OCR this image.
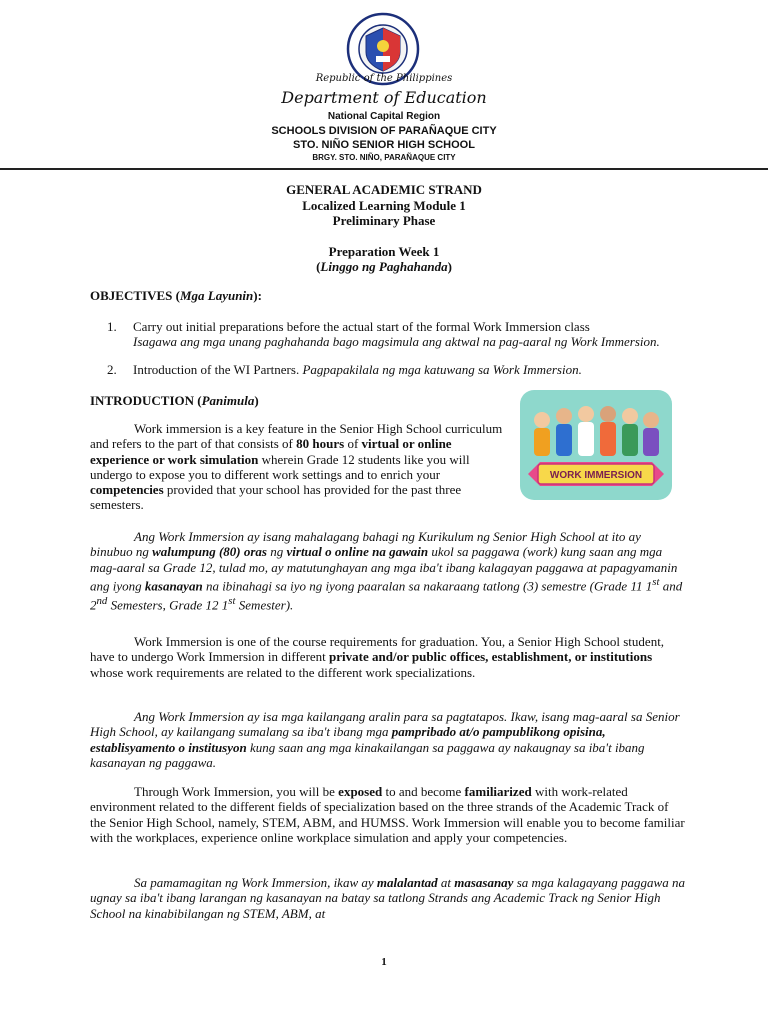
Republic of the Philippines
Department of Education
National Capital Region
SCHOOLS DIVISION OF PARAÑAQUE CITY
STO. NIÑO SENIOR HIGH SCHOOL
BRGY. STO. NIÑO, PARAÑAQUE CITY
GENERAL ACADEMIC STRAND
Localized Learning Module 1
Preliminary Phase
Preparation Week 1
(Linggo ng Paghahanda)
OBJECTIVES (Mga Layunin):
1. Carry out initial preparations before the actual start of the formal Work Immersion class
Isagawa ang mga unang paghahanda bago magsimula ang aktwal na pag-aaral ng Work Immersion.
2. Introduction of the WI Partners. Pagpapakilala ng mga katuwang sa Work Immersion.
INTRODUCTION (Panimula)
WORK IMMERSION
Work immersion is a key feature in the Senior High School curriculum and refers to the part of that consists of 80 hours of virtual or online experience or work simulation wherein Grade 12 students like you will undergo to expose you to different work settings and to enrich your competencies provided that your school has provided for the past three semesters.
Ang Work Immersion ay isang mahalagang bahagi ng Kurikulum ng Senior High School at ito ay binubuo ng walumpung (80) oras ng virtual o online na gawain ukol sa paggawa (work) kung saan ang mga mag-aaral sa Grade 12, tulad mo, ay matutunghayan ang mga iba't ibang kalagayan paggawa at papagyamanin ang iyong kasanayan na ibinahagi sa iyo ng iyong paaralan sa nakaraang tatlong (3) semestre (Grade 11 1st and 2nd Semesters, Grade 12 1st Semester).
Work Immersion is one of the course requirements for graduation. You, a Senior High School student, have to undergo Work Immersion in different private and/or public offices, establishment, or institutions whose work requirements are related to the different work specializations.
Ang Work Immersion ay isa mga kailangang aralin para sa pagtatapos. Ikaw, isang mag-aaral sa Senior High School, ay kailangang sumalang sa iba't ibang mga pampribado at/o pampublikong opisina, establisyamento o institusyon kung saan ang mga kinakailangan sa paggawa ay nakaugnay sa iba't ibang kasanayan ng paggawa.
Through Work Immersion, you will be exposed to and become familiarized with work-related environment related to the different fields of specialization based on the three strands of the Academic Track of the Senior High School, namely, STEM, ABM, and HUMSS. Work Immersion will enable you to become familiar with the workplaces, experience online workplace simulation and apply your competencies.
Sa pamamagitan ng Work Immersion, ikaw ay malalantad at masasanay sa mga kalagayang paggawa na ugnay sa iba't ibang larangan ng kasanayan na batay sa tatlong Strands ang Academic Track ng Senior High School na kinabibilangan ng STEM, ABM, at
1
